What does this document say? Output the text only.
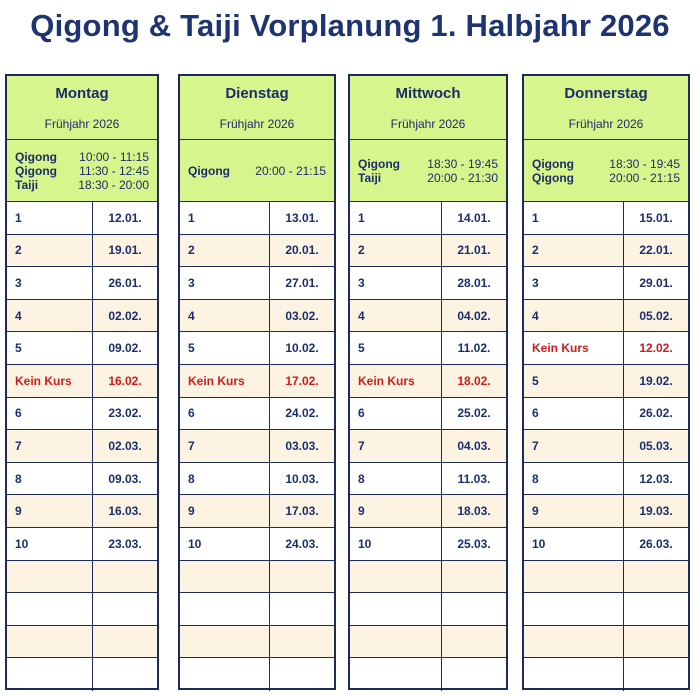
Qigong & Taiji Vorplanung 1. Halbjahr 2026
Montag
Frühjahr 2026
Qigong 10:00 - 11:15
Qigong 11:30 - 12:45
Taiji	18:30 - 20:00
1	12.01.
2	19.01.
3	26.01.
4	02.02.
5	09.02.
Kein Kurs	16.02.
6	23.02.
7	02.03.
8	09.03.
9	16.03.
10	23.03.
Dienstag
Frühjahr 2026
Qigong 20:00 - 21:15
1	13.01.
2	20.01.
3	27.01.
4	03.02.
5	10.02.
Kein Kurs	17.02.
6	24.02.
7	03.03.
8	10.03.
9	17.03.
10	24.03.
Mittwoch
Frühjahr 2026
Qigong 18:30 - 19:45
Taiji	20:00 - 21:30
1	14.01.
2	21.01.
3	28.01.
4	04.02.
5	11.02.
Kein Kurs	18.02.
6	25.02.
7	04.03.
8	11.03.
9	18.03.
10	25.03.
Donnerstag
Frühjahr 2026
Qigong	18:30 - 19:45
Qigong	20:00 - 21:15
1	15.01.
2	22.01.
3	29.01.
4	05.02.
Kein Kurs	12.02.
5	19.02.
6	26.02.
7	05.03.
8	12.03.
9	19.03.
10	26.03.
